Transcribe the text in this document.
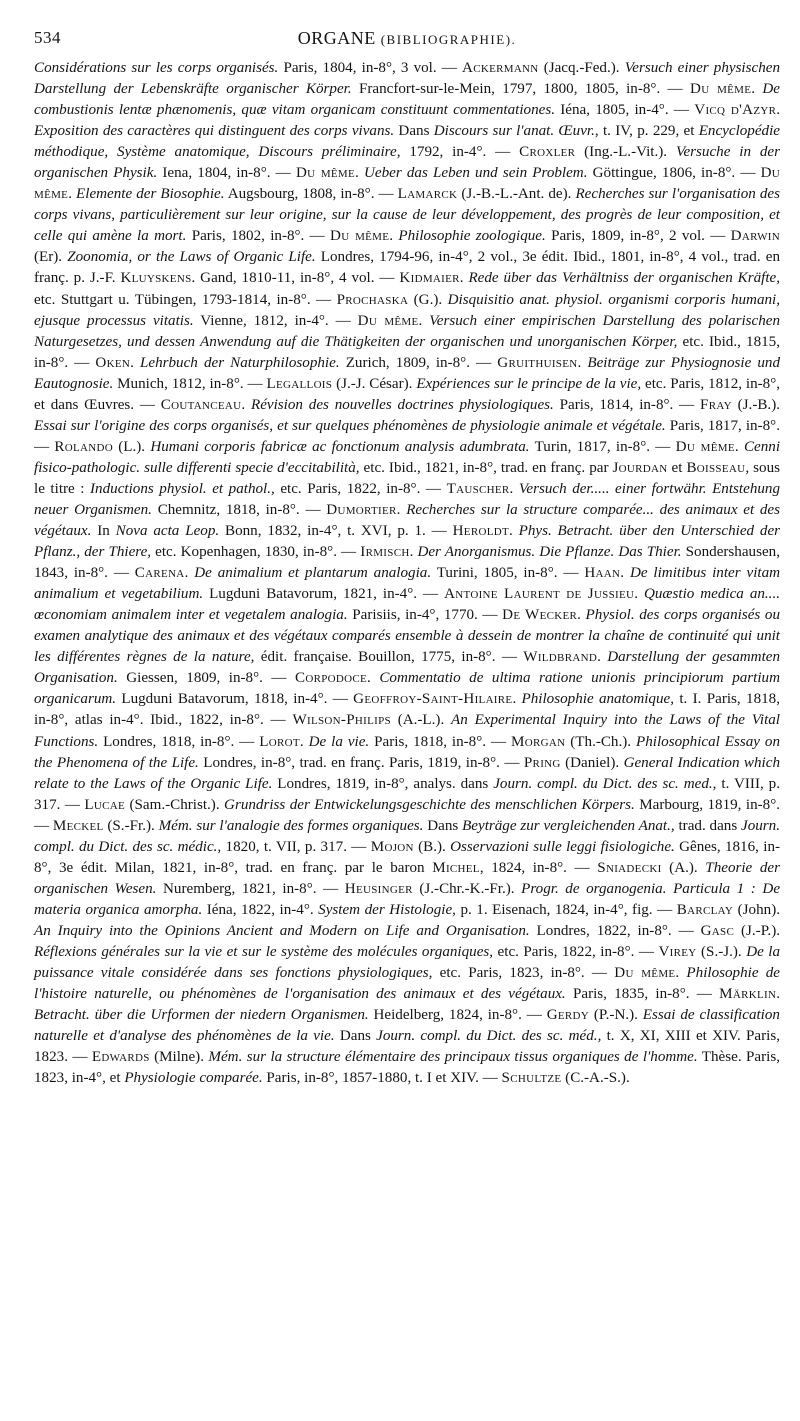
534	ORGANE (BIBLIOGRAPHIE).

Considérations sur les corps organisés. Paris, 1804, in-8°, 3 vol. — Ackermann (Jacq.-Fed.). Versuch einer physischen Darstellung der Lebenskräfte organischer Körper. Francfort-sur-le-Mein, 1797, 1800, 1805, in-8°. — Du même. De combustionis lentæ phænomenis, quæ vitam organicam constituunt commentationes. Iéna, 1805, in-4°. — Vicq d'Azyr. Exposition des caractères qui distinguent des corps vivans. Dans Discours sur l'anat. Œuvr., t. IV, p. 229, et Encyclopédie méthodique, Système anatomique, Discours préliminaire, 1792, in-4°. — Croxler (Ing.-L.-Vit.). Versuche in der organischen Physik. Iena, 1804, in-8°. — Du même. Ueber das Leben und sein Problem. Göttingue, 1806, in-8°. — Du même. Elemente der Biosophie. Augsbourg, 1808, in-8°. — Lamarck (J.-B.-L.-Ant. de). Recherches sur l'organisation des corps vivans, particulièrement sur leur origine, sur la cause de leur développement, des progrès de leur composition, et celle qui amène la mort. Paris, 1802, in-8°. — Du même. Philosophie zoologique. Paris, 1809, in-8°, 2 vol. — Darwin (Er). Zoonomia, or the Laws of Organic Life. Londres, 1794-96, in-4°, 2 vol., 3e édit. Ibid., 1801, in-8°, 4 vol., trad. en franç. p. J.-F. Kluyskens. Gand, 1810-11, in-8°, 4 vol. — Kidmaier. Rede über das Verhältniss der organischen Kräfte, etc. Stuttgart u. Tübingen, 1793-1814, in-8°. — Prochaska (G.). Disquisitio anat. physiol. organismi corporis humani, ejusque processus vitatis. Vienne, 1812, in-4°. — Du même. Versuch einer empirischen Darstellung des polarischen Naturgesetzes, und dessen Anwendung auf die Thätigkeiten der organischen und unorganischen Körper, etc. Ibid., 1815, in-8°. — Oken. Lehrbuch der Naturphilosophie. Zurich, 1809, in-8°. — Gruithuisen. Beiträge zur Physiognosie und Eautognosie. Munich, 1812, in-8°. — Legallois (J.-J. César). Expériences sur le principe de la vie, etc. Paris, 1812, in-8°, et dans Œuvres. — Coutanceau. Révision des nouvelles doctrines physiologiques. Paris, 1814, in-8°. — Fray (J.-B.). Essai sur l'origine des corps organisés, et sur quelques phénomènes de physiologie animale et végétale. Paris, 1817, in-8°. — Rolando (L.). Humani corporis fabricæ ac fonctionum analysis adumbrata. Turin, 1817, in-8°. — Du même. Cenni fisico-pathologic. sulle differenti specie d'eccitabilità, etc. Ibid., 1821, in-8°, trad. en franç. par Jourdan et Boisseau, sous le titre : Inductions physiol. et pathol., etc. Paris, 1822, in-8°. — Tauscher. Versuch der..... einer fortwähr. Entstehung neuer Organismen. Chemnitz, 1818, in-8°. — Dumortier. Recherches sur la structure comparée... des animaux et des végétaux. In Nova acta Leop. Bonn, 1832, in-4°, t. XVI, p. 1. — Heroldt. Phys. Betracht. über den Unterschied der Pflanz., der Thiere, etc. Kopenhagen, 1830, in-8°. — Irmisch. Der Anorganismus. Die Pflanze. Das Thier. Sondershausen, 1843, in-8°. — Carena. De animalium et plantarum analogia. Turini, 1805, in-8°. — Haan. De limitibus inter vitam animalium et vegetabilium. Lugduni Batavorum, 1821, in-4°. — Antoine Laurent de Jussieu. Quæstio medica an.... œconomiam animalem inter et vegetalem analogia. Parisiis, in-4°, 1770. — De Wecker. Physiol. des corps organisés ou examen analytique des animaux et des végétaux comparés ensemble à dessein de montrer la chaîne de continuité qui unit les différentes règnes de la nature, édit. française. Bouillon, 1775, in-8°. — Wildbrand. Darstellung der gesammten Organisation. Giessen, 1809, in-8°. — Corpodoce. Commentatio de ultima ratione unionis principiorum partium organicarum. Lugduni Batavorum, 1818, in-4°. — Geoffroy-Saint-Hilaire. Philosophie anatomique, t. I. Paris, 1818, in-8°, atlas in-4°. Ibid., 1822, in-8°. — Wilson-Philips (A.-L.). An Experimental Inquiry into the Laws of the Vital Functions. Londres, 1818, in-8°. — Lorot. De la vie. Paris, 1818, in-8°. — Morgan (Th.-Ch.). Philosophical Essay on the Phenomena of the Life. Londres, in-8°, trad. en franç. Paris, 1819, in-8°. — Pring (Daniel). General Indication which relate to the Laws of the Organic Life. Londres, 1819, in-8°, analys. dans Journ. compl. du Dict. des sc. med., t. VIII, p. 317. — Lucae (Sam.-Christ.). Grundriss der Entwickelungsgeschichte des menschlichen Körpers. Marbourg, 1819, in-8°. — Meckel (S.-Fr.). Mém. sur l'analogie des formes organiques. Dans Beyträge zur vergleichenden Anat., trad. dans Journ. compl. du Dict. des sc. médic., 1820, t. VII, p. 317. — Mojon (B.). Osservazioni sulle leggi fisiologiche. Gênes, 1816, in-8°, 3e édit. Milan, 1821, in-8°, trad. en franç. par le baron Michel, 1824, in-8°. — Sniadecki (A.). Theorie der organischen Wesen. Nuremberg, 1821, in-8°. — Heusinger (J.-Chr.-K.-Fr.). Progr. de organogenia. Particula 1 : De materia organica amorpha. Iéna, 1822, in-4°. System der Histologie, p. 1. Eisenach, 1824, in-4°, fig. — Barclay (John). An Inquiry into the Opinions Ancient and Modern on Life and Organisation. Londres, 1822, in-8°. — Gasc (J.-P.). Réflexions générales sur la vie et sur le système des molécules organiques, etc. Paris, 1822, in-8°. — Virey (S.-J.). De la puissance vitale considérée dans ses fonctions physiologiques, etc. Paris, 1823, in-8°. — Du même. Philosophie de l'histoire naturelle, ou phénomènes de l'organisation des animaux et des végétaux. Paris, 1835, in-8°. — Märklin. Betracht. über die Urformen der niedern Organismen. Heidelberg, 1824, in-8°. — Gerdy (P.-N.). Essai de classification naturelle et d'analyse des phénomènes de la vie. Dans Journ. compl. du Dict. des sc. méd., t. X, XI, XIII et XIV. Paris, 1823. — Edwards (Milne). Mém. sur la structure élémentaire des principaux tissus organiques de l'homme. Thèse. Paris, 1823, in-4°, et Physiologie comparée. Paris, in-8°, 1857-1880, t. I et XIV. — Schultze (C.-A.-S.).
